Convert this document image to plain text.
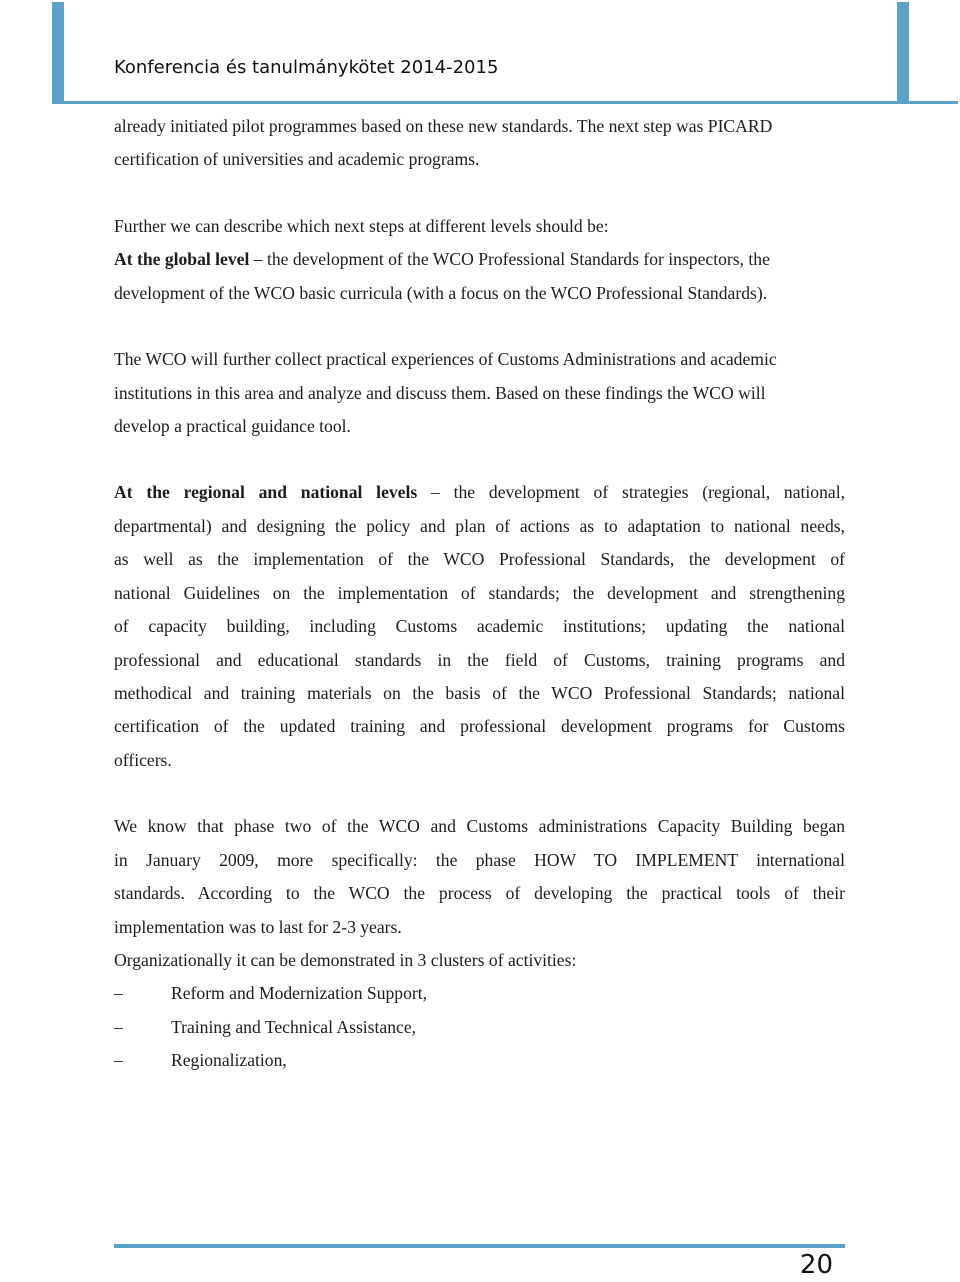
Konferencia és tanulmánykötet 2014-2015
already initiated pilot programmes based on these new standards. The next step was PICARD
certification of universities and academic programs.
Further we can describe which next steps at different levels should be:
At the global level – the development of the WCO Professional Standards for inspectors, the
development of the WCO basic curricula (with a focus on the WCO Professional Standards).
The WCO will further collect practical experiences of Customs Administrations and academic
institutions in this area and analyze and discuss them. Based on these findings the WCO will
develop a practical guidance tool.
At the regional and national levels – the development of strategies (regional, national,
departmental) and designing the policy and plan of actions as to adaptation to national needs,
as well as the implementation of the WCO Professional Standards, the development of
national Guidelines on the implementation of standards; the development and strengthening
of capacity building, including Customs academic institutions; updating the national
professional and educational standards in the field of Customs, training programs and
methodical and training materials on the basis of the WCO Professional Standards; national
certification of the updated training and professional development programs for Customs
officers.
We know that phase two of the WCO and Customs administrations Capacity Building began
in January 2009, more specifically: the phase HOW TO IMPLEMENT international
standards. According to the WCO the process of developing the practical tools of their
implementation was to last for 2-3 years.
Organizationally it can be demonstrated in 3 clusters of activities:
–	Reform and Modernization Support,
–	Training and Technical Assistance,
–	Regionalization,
20
